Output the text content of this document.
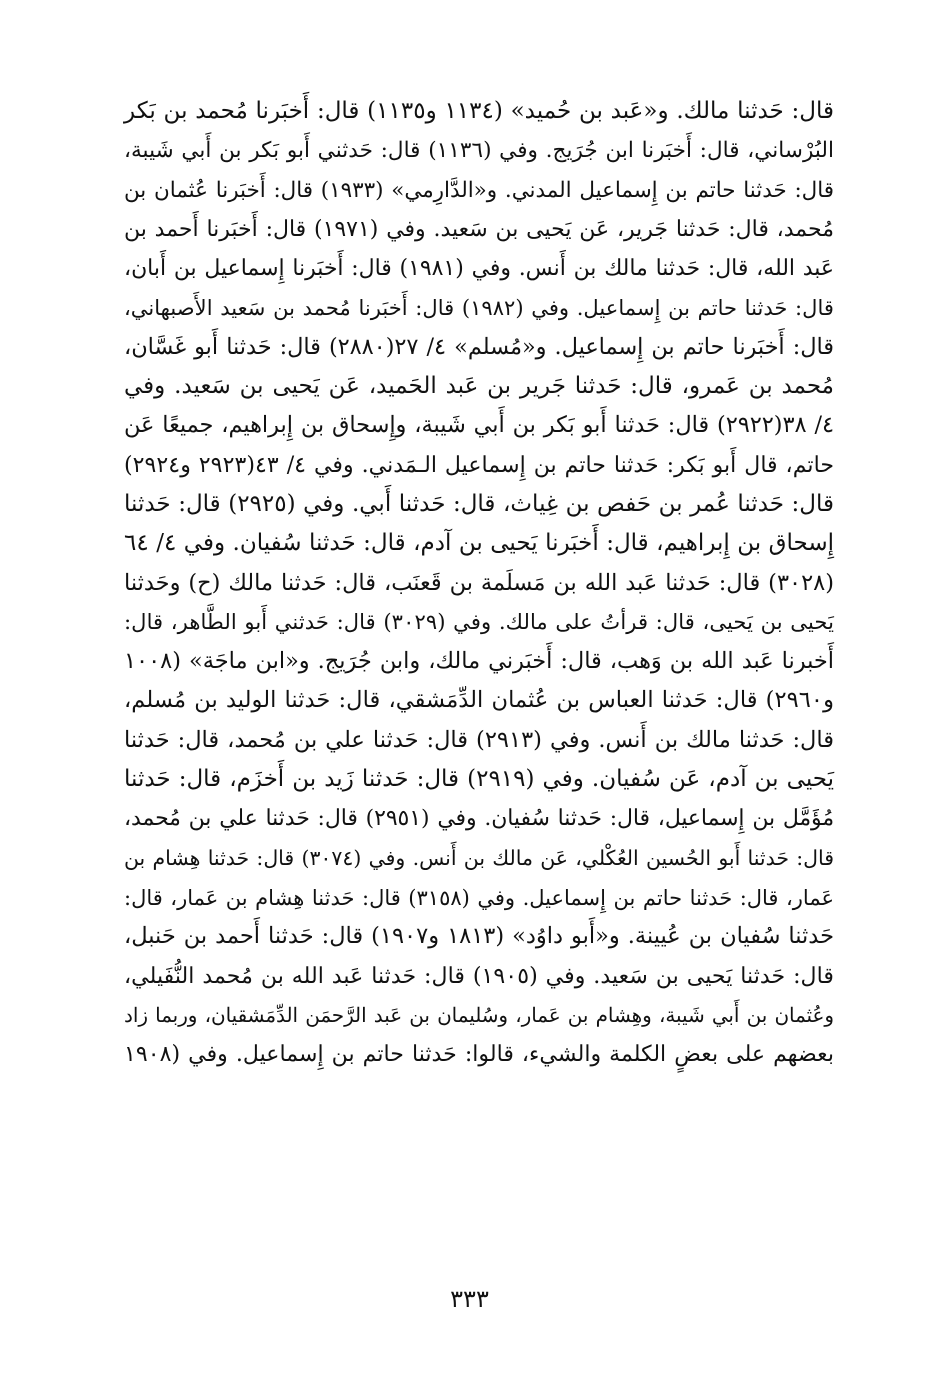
قال: حَدثنا مالك. و«عَبد بن حُميد» (١١٣٤ و١١٣٥) قال: أَخبَرنا مُحمد بن بَكر
البُرْساني، قال: أَخبَرنا ابن جُرَيج. وفي (١١٣٦) قال: حَدثني أَبو بَكر بن أَبي شَيبة،
قال: حَدثنا حاتم بن إِسماعيل المدني. و«الدَّارِمي» (١٩٣٣) قال: أَخبَرنا عُثمان بن
مُحمد، قال: حَدثنا جَرير، عَن يَحيى بن سَعيد. وفي (١٩٧١) قال: أَخبَرنا أَحمد بن
عَبد الله، قال: حَدثنا مالك بن أَنس. وفي (١٩٨١) قال: أَخبَرنا إِسماعيل بن أَبان،
قال: حَدثنا حاتم بن إِسماعيل. وفي (١٩٨٢) قال: أَخبَرنا مُحمد بن سَعيد الأَصبهاني،
قال: أَخبَرنا حاتم بن إِسماعيل. و«مُسلم» ٤/ ٢٧(٢٨٨٠) قال: حَدثنا أَبو غَسَّان،
مُحمد بن عَمرو، قال: حَدثنا جَرير بن عَبد الحَميد، عَن يَحيى بن سَعيد. وفي
٤/ ٣٨(٢٩٢٢) قال: حَدثنا أَبو بَكر بن أَبي شَيبة، وإِسحاق بن إِبراهيم، جميعًا عَن
حاتم، قال أَبو بَكر: حَدثنا حاتم بن إِسماعيل الـمَدني. وفي ٤/ ٤٣(٢٩٢٣ و٢٩٢٤)
قال: حَدثنا عُمر بن حَفص بن غِياث، قال: حَدثنا أَبي. وفي (٢٩٢٥) قال: حَدثنا
إِسحاق بن إِبراهيم، قال: أَخبَرنا يَحيى بن آدم، قال: حَدثنا سُفيان. وفي ٤/ ٦٤
(٣٠٢٨) قال: حَدثنا عَبد الله بن مَسلَمة بن قَعنَب، قال: حَدثنا مالك (ح) وحَدثنا
يَحيى بن يَحيى، قال: قرأتُ على مالك. وفي (٣٠٢٩) قال: حَدثني أَبو الطَّاهر، قال:
أَخبرنا عَبد الله بن وَهب، قال: أَخبَرني مالك، وابن جُرَيج. و«ابن ماجَة» (١٠٠٨
و٢٩٦٠) قال: حَدثنا العباس بن عُثمان الدِّمَشقي، قال: حَدثنا الوليد بن مُسلم،
قال: حَدثنا مالك بن أَنس. وفي (٢٩١٣) قال: حَدثنا علي بن مُحمد، قال: حَدثنا
يَحيى بن آدم، عَن سُفيان. وفي (٢٩١٩) قال: حَدثنا زَيد بن أَخزَم، قال: حَدثنا
مُؤَمَّل بن إِسماعيل، قال: حَدثنا سُفيان. وفي (٢٩٥١) قال: حَدثنا علي بن مُحمد،
قال: حَدثنا أَبو الحُسين العُكْلي، عَن مالك بن أَنس. وفي (٣٠٧٤) قال: حَدثنا هِشام بن
عَمار، قال: حَدثنا حاتم بن إِسماعيل. وفي (٣١٥٨) قال: حَدثنا هِشام بن عَمار، قال:
حَدثنا سُفيان بن عُيينة. و«أَبو داوُد» (١٨١٣ و١٩٠٧) قال: حَدثنا أَحمد بن حَنبل،
قال: حَدثنا يَحيى بن سَعيد. وفي (١٩٠٥) قال: حَدثنا عَبد الله بن مُحمد النُّفَيلي،
وعُثمان بن أَبي شَيبة، وهِشام بن عَمار، وسُليمان بن عَبد الرَّحمَن الدِّمَشقيان، وربما زاد
بعضهم على بعضٍ الكلمة والشيء، قالوا: حَدثنا حاتم بن إِسماعيل. وفي (١٩٠٨
٣٣٣
